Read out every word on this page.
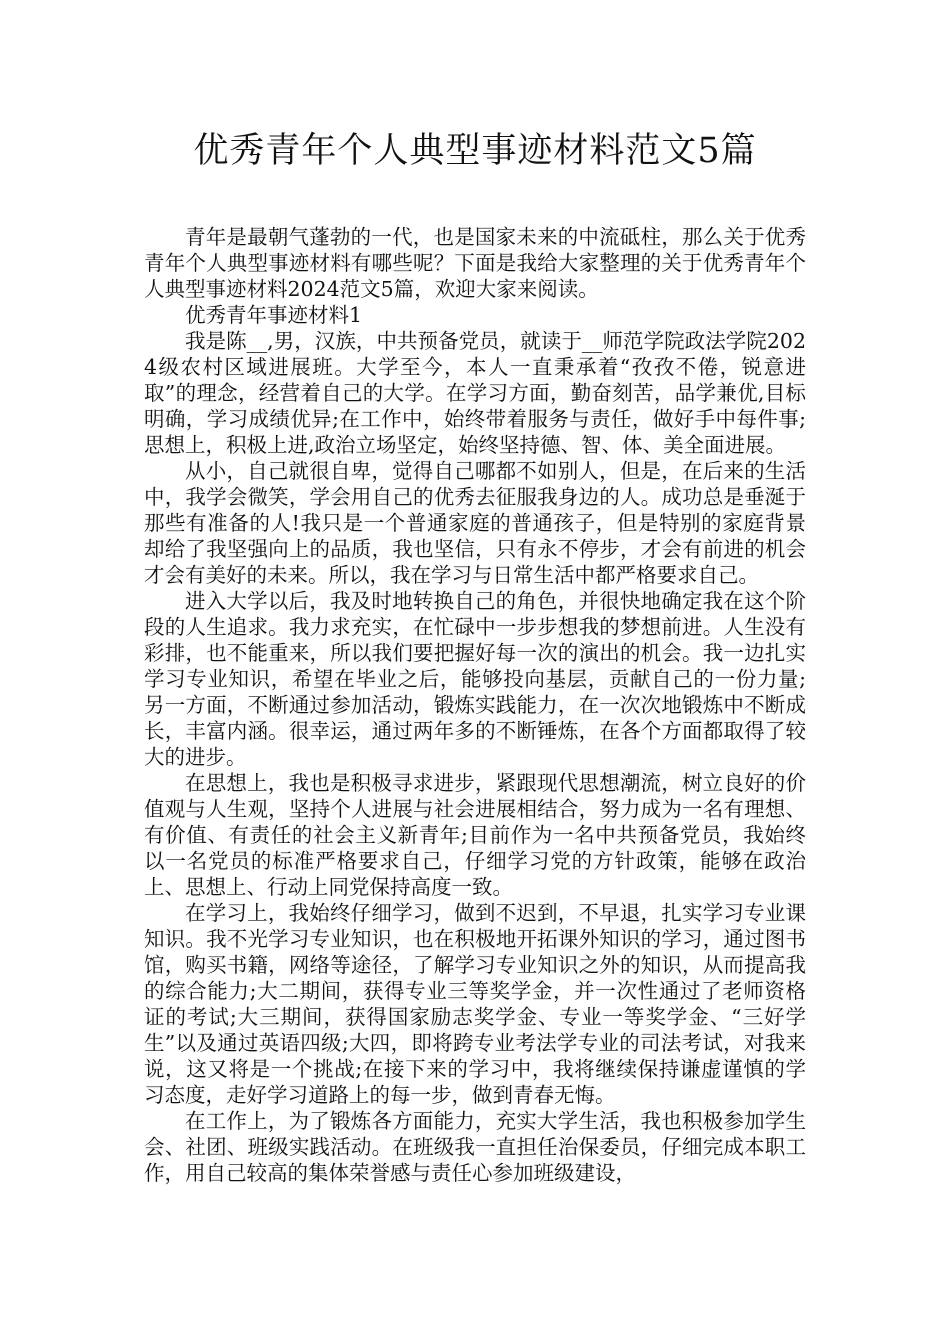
优秀青年个人典型事迹材料范文5篇

青年是最朝气蓬勃的一代，也是国家未来的中流砥柱，那么关于优秀青年个人典型事迹材料有哪些呢？下面是我给大家整理的关于优秀青年个人典型事迹材料2024范文5篇，欢迎大家来阅读。

优秀青年事迹材料1

我是陈__,男，汉族，中共预备党员，就读于__师范学院政法学院2024级农村区域进展班。大学至今，本人一直秉承着“孜孜不倦，锐意进取”的理念，经营着自己的大学。在学习方面，勤奋刻苦，品学兼优,目标明确，学习成绩优异;在工作中，始终带着服务与责任，做好手中每件事;思想上，积极上进,政治立场坚定，始终坚持德、智、体、美全面进展。

从小，自己就很自卑，觉得自己哪都不如别人，但是，在后来的生活中，我学会微笑，学会用自己的优秀去征服我身边的人。成功总是垂涎于那些有准备的人!我只是一个普通家庭的普通孩子，但是特别的家庭背景却给了我坚强向上的品质，我也坚信，只有永不停步，才会有前进的机会才会有美好的未来。所以，我在学习与日常生活中都严格要求自己。

进入大学以后，我及时地转换自己的角色，并很快地确定我在这个阶段的人生追求。我力求充实，在忙碌中一步步想我的梦想前进。人生没有彩排，也不能重来，所以我们要把握好每一次的演出的机会。我一边扎实学习专业知识，希望在毕业之后，能够投向基层，贡献自己的一份力量;另一方面，不断通过参加活动，锻炼实践能力，在一次次地锻炼中不断成长，丰富内涵。很幸运，通过两年多的不断锤炼，在各个方面都取得了较大的进步。

在思想上，我也是积极寻求进步，紧跟现代思想潮流，树立良好的价值观与人生观，坚持个人进展与社会进展相结合，努力成为一名有理想、有价值、有责任的社会主义新青年;目前作为一名中共预备党员，我始终以一名党员的标准严格要求自己，仔细学习党的方针政策，能够在政治上、思想上、行动上同党保持高度一致。

在学习上，我始终仔细学习，做到不迟到，不早退，扎实学习专业课知识。我不光学习专业知识，也在积极地开拓课外知识的学习，通过图书馆，购买书籍，网络等途径，了解学习专业知识之外的知识，从而提高我的综合能力;大二期间，获得专业三等奖学金，并一次性通过了老师资格证的考试;大三期间，获得国家励志奖学金、专业一等奖学金、“三好学生”以及通过英语四级;大四，即将跨专业考法学专业的司法考试，对我来说，这又将是一个挑战;在接下来的学习中，我将继续保持谦虚谨慎的学习态度，走好学习道路上的每一步，做到青春无悔。

在工作上，为了锻炼各方面能力，充实大学生活，我也积极参加学生会、社团、班级实践活动。在班级我一直担任治保委员，仔细完成本职工作，用自己较高的集体荣誉感与责任心参加班级建设，
